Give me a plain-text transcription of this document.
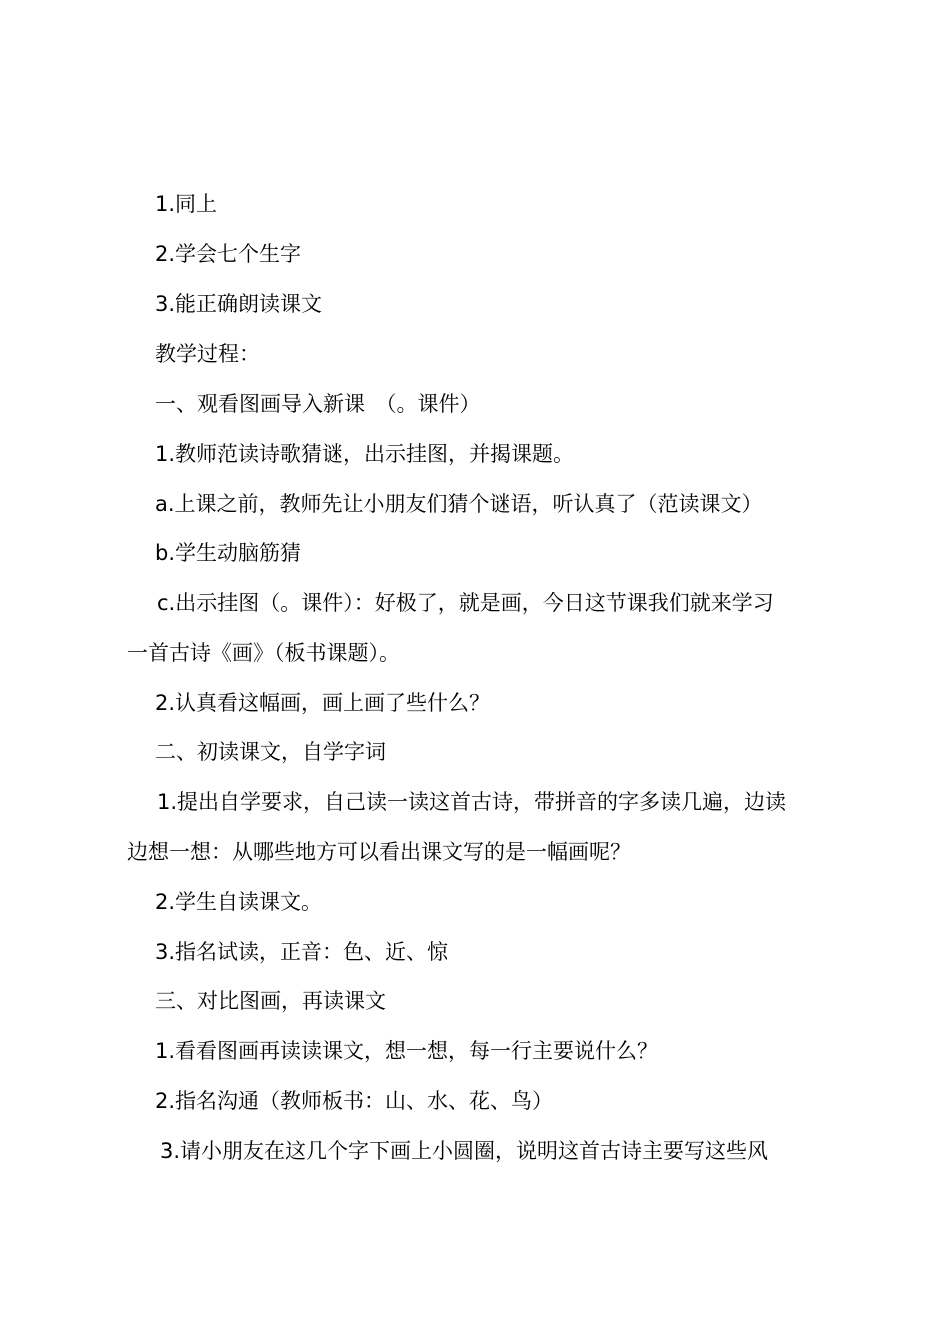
1.同上
2.学会七个生字
3.能正确朗读课文
教学过程：
一、观看图画导入新课　（。课件）
1.教师范读诗歌猜谜，出示挂图，并揭课题。
a.上课之前，教师先让小朋友们猜个谜语，听认真了（范读课文）
b.学生动脑筋猜
c.出示挂图（。课件）：好极了，就是画，今日这节课我们就来学习
一首古诗《画》（板书课题）。
2.认真看这幅画，画上画了些什么？
二、初读课文，自学字词
1.提出自学要求，自己读一读这首古诗，带拼音的字多读几遍，边读
边想一想：从哪些地方可以看出课文写的是一幅画呢？
2.学生自读课文。
3.指名试读，正音：色、近、惊
三、对比图画，再读课文
1.看看图画再读读课文，想一想，每一行主要说什么？
2.指名沟通（教师板书：山、水、花、鸟）
3.请小朋友在这几个字下画上小圆圈，说明这首古诗主要写这些风
